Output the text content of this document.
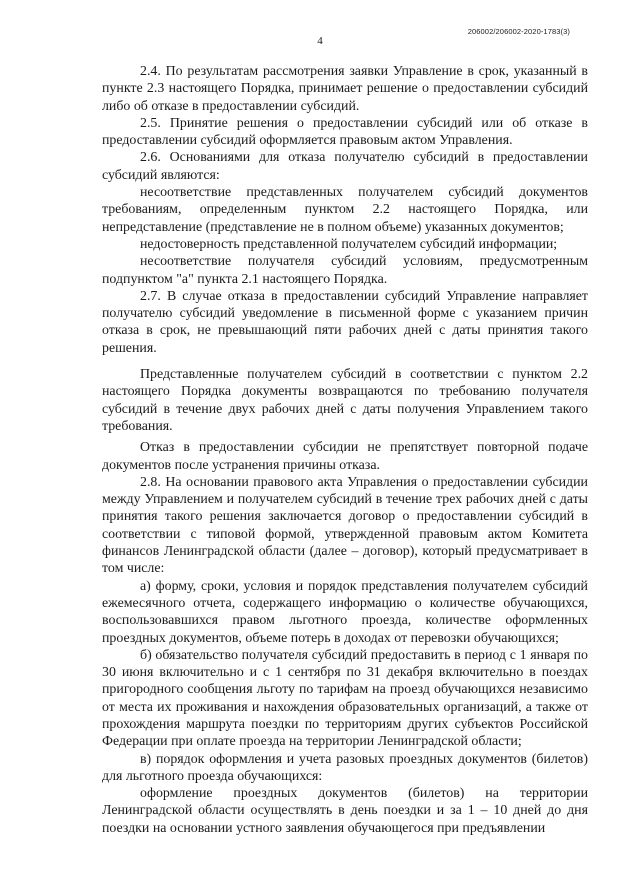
206002/206002-2020-1783(3)
4

2.4. По результатам рассмотрения заявки Управление в срок, указанный в пункте 2.3 настоящего Порядка, принимает решение о предоставлении субсидий либо об отказе в предоставлении субсидий.

2.5. Принятие решения о предоставлении субсидий или об отказе в предоставлении субсидий оформляется правовым актом Управления.

2.6. Основаниями для отказа получателю субсидий в предоставлении субсидий являются:

несоответствие представленных получателем субсидий документов требованиям, определенным пунктом 2.2 настоящего Порядка, или непредставление (представление не в полном объеме) указанных документов;

недостоверность представленной получателем субсидий информации;

несоответствие получателя субсидий условиям, предусмотренным подпунктом "а" пункта 2.1 настоящего Порядка.

2.7. В случае отказа в предоставлении субсидий Управление направляет получателю субсидий уведомление в письменной форме с указанием причин отказа в срок, не превышающий пяти рабочих дней с даты принятия такого решения.

Представленные получателем субсидий в соответствии с пунктом 2.2 настоящего Порядка документы возвращаются по требованию получателя субсидий в течение двух рабочих дней с даты получения Управлением такого требования.

Отказ в предоставлении субсидии не препятствует повторной подаче документов после устранения причины отказа.

2.8. На основании правового акта Управления о предоставлении субсидии между Управлением и получателем субсидий в течение трех рабочих дней с даты принятия такого решения заключается договор о предоставлении субсидий в соответствии с типовой формой, утвержденной правовым актом Комитета финансов Ленинградской области (далее – договор), который предусматривает в том числе:

а) форму, сроки, условия и порядок представления получателем субсидий ежемесячного отчета, содержащего информацию о количестве обучающихся, воспользовавшихся правом льготного проезда, количестве оформленных проездных документов, объеме потерь в доходах от перевозки обучающихся;

б) обязательство получателя субсидий предоставить в период с 1 января по 30 июня включительно и с 1 сентября по 31 декабря включительно в поездах пригородного сообщения льготу по тарифам на проезд обучающихся независимо от места их проживания и нахождения образовательных организаций, а также от прохождения маршрута поездки по территориям других субъектов Российской Федерации при оплате проезда на территории Ленинградской области;

в) порядок оформления и учета разовых проездных документов (билетов) для льготного проезда обучающихся:

оформление проездных документов (билетов) на территории Ленинградской области осуществлять в день поездки и за 1 – 10 дней до дня поездки на основании устного заявления обучающегося при предъявлении
